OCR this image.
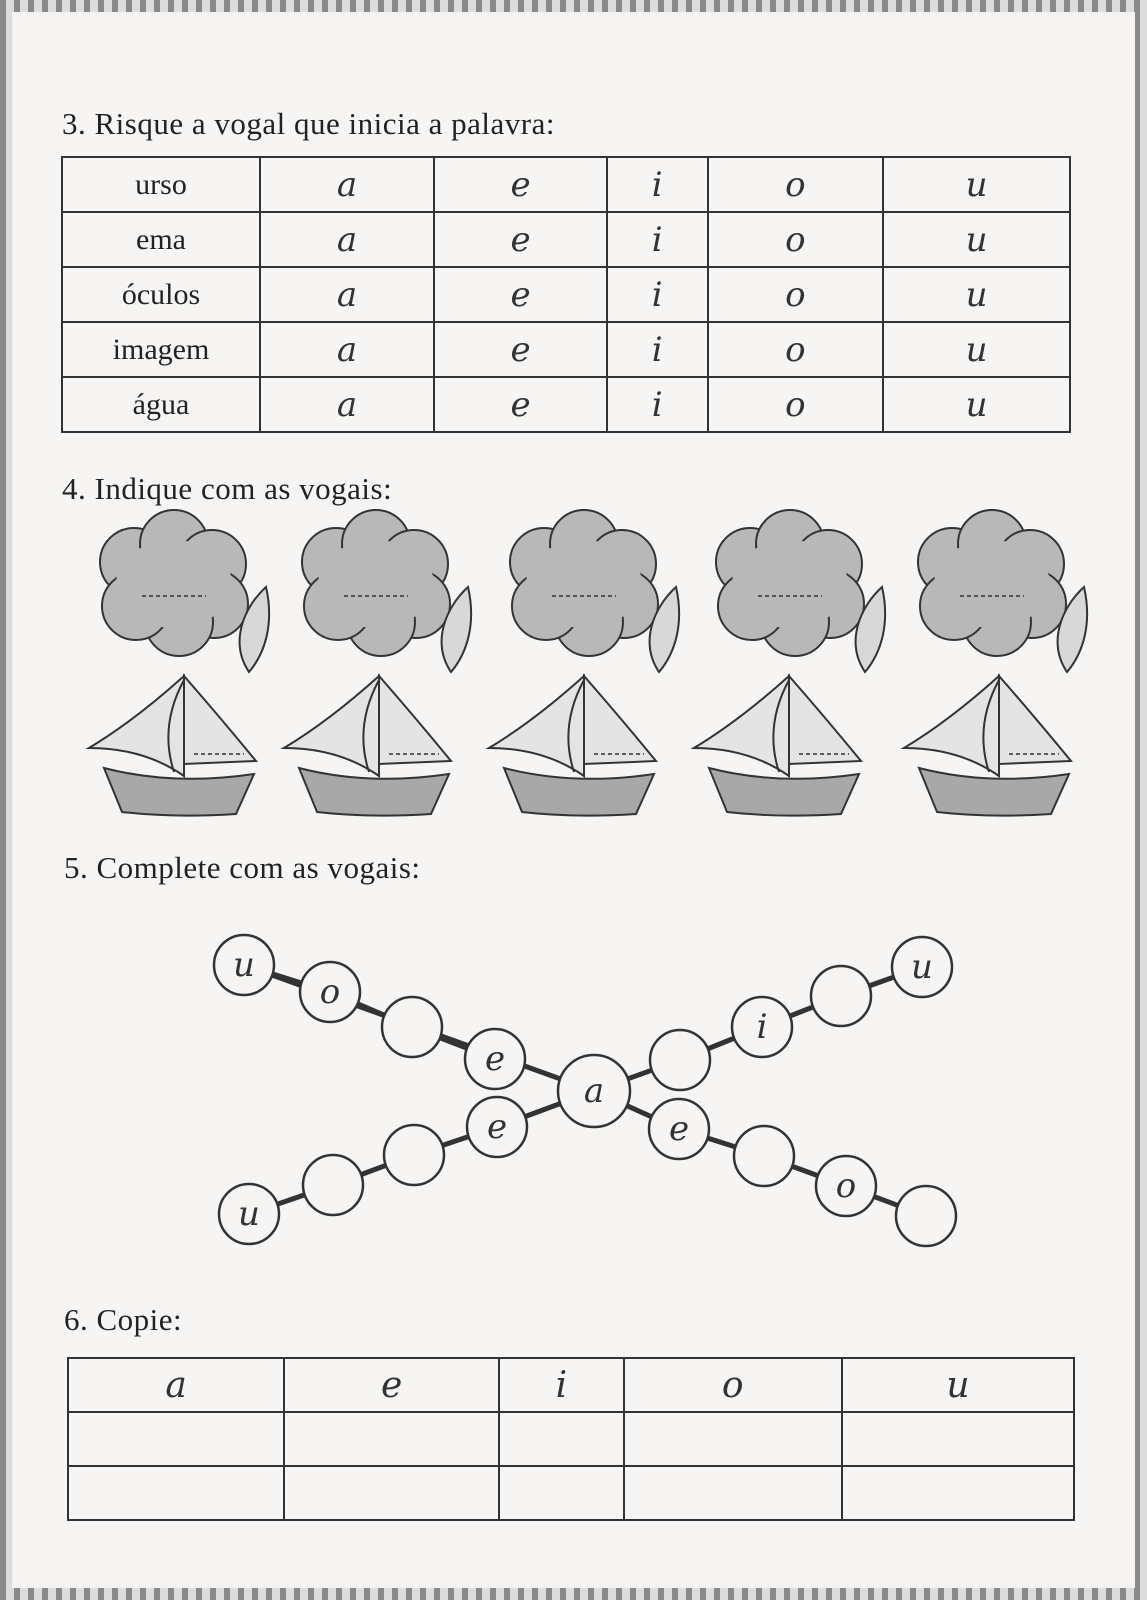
3. Risque a vogal que inicia a palavra:
urso	a	e	i	o	u
ema	a	e	i	o	u
óculos	a	e	i	o	u
imagem	a	e	i	o	u
água	a	e	i	o	u
4. Indique com as vogais:
5. Complete com as vogais:
6. Copie:
a	e	i	o	u

u
o
e
i
u
e
u
e
o
a
